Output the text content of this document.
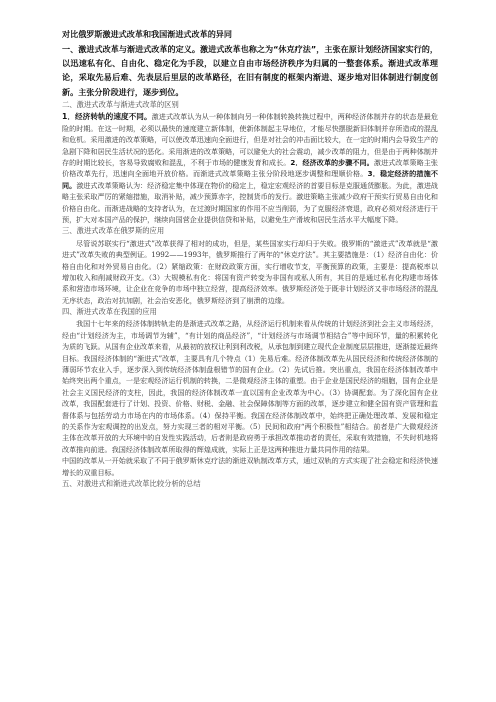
对比俄罗斯激进式改革和我国渐进式改革的异同

一、激进式改革与渐进式改革的定义。激进式改革也称之为“休克疗法”，主张在原计划经济国家实行的，以迅速私有化、自由化、稳定化为手段，以建立自由市场经济秩序为归属的一整套体系。渐进式改革理论，采取先易后难、先表层后里层的改革路径，在旧有制度的框架内渐进、逐步地对旧体制进行制度创新。主张分阶段进行，逐步到位。

二、激进式改革与渐进式改革的区别

1．经济转轨的速度不同。激进式改革认为从一种体制向另一种体制转换转换过程中，两种经济体制并存的状态是最危险的时期。在这一时期，必须以最快的速度建立新体制，使新体制起主导地位，才能尽快摆脱新旧体制并存所造成的混乱和危机。采用激进的改革策略，可以使改革迅速向全面进行，但是对社会的冲击面比较大，在一定的时期内会导致生产的急剧下降和居民生活状况的恶化。采用渐进的改革策略，可以避免大的社会震动，减少改革的阻力，但是由于两种体制并存的时期比较长，容易导致腐败和混乱，不利于市场的健康发育和成长。2．经济改革的步骤不同。激进式改革策略主张价格改革先行，迅速向全面地开放价格。而渐进式改革策略主张分阶段地逐步调整和理顺价格。3．稳定经济的措施不同。激进式改革策略认为：经济稳定集中体现在物价的稳定上，稳定宏观经济的首要目标是克服通货膨胀。为此，激进战略主张采取严厉的紧缩措施，取消补贴，减少预算赤字，控制货币的发行。激进策略主张减少政府干预实行贸易自由化和价格自由化。而渐进战略的支持者认为，在过渡时期国家的作用不应当削弱，为了克服经济衰退，政府必须对经济进行干预，扩大对本国产品的保护，继续向国营企业提供信贷和补贴，以避免生产滑坡和居民生活水平大幅度下降。

三、激进式改革在俄罗斯的应用

尽管说苏联实行“激进式”改革获得了相对的成功，但是，某些国家实行却归于失败。俄罗斯的“激进式”改革就是“激进式”改革失败的典型例证。1992——1993年，俄罗斯推行了两年的“休克疗法”。其主要措施是：（1）经济自由化：价格自由化和对外贸易自由化。（2）紧缩政策：在财政政策方面，实行增收节支，平衡预算的政策，主要是：提高税率以增加收入和削减财政开支。（3）大规模私有化：将国有资产转变为非国有或私人所有，其目的是通过私有化构建市场体系和营造市场环境，让企业在竞争的市场中独立经营，提高经济效率。俄罗斯经济处于既非计划经济又非市场经济的混乱无序状态，政治对抗加剧，社会治安恶化，俄罗斯经济到了崩溃的边缘。

四、渐进式改革在我国的应用

我国十七年来的经济体制转轨走的是渐进式改革之路，从经济运行机制来看从传统的计划经济到社会主义市场经济，经由“计划经济为主，市场调节为辅”，“有计划的商品经济”，“计划经济与市场调节相结合”等中间环节，量的积累转化为质的飞跃。从国有企业改革来看，从最初的放权让利到利改税，从承包制到建立现代企业制度层层推进，逐渐接近最终目标。我国经济体制的“渐进式”改革，主要具有几个特点（1）先易后难。经济体制改革先从国民经济和传统经济体制的薄弱环节农业入手，逐步深入到传统经济体制盘根错节的国有企业。（2）先试后推。突出重点，我国在经济体制改革中始终突出两个重点，一是宏观经济运行机制的转换，二是微观经济主体的重塑。由于企业是国民经济的细胞，国有企业是社会主义国民经济的支柱，因此，我国的经济体制改革一直以国有企业改革为中心。（3）协调配套。为了深化国有企业改革，我国配套进行了计划、投资、价格、财税、金融、社会保障体制等方面的改革，逐步建立和健全国有资产管理和监督体系与包括劳动力市场在内的市场体系。（4）保持平衡。我国在经济体制改革中，始终把正确处理改革、发展和稳定的关系作为宏观调控的出发点，努力实现三者的相对平衡。（5）民间和政府“两个积极性”相结合。前者是广大微观经济主体在改革开放的大环境中的自发性实践活动，后者则是政府勇于承担改革推动者的责任，采取有效措施，不失时机地将改革推向前进。我国经济体制改革所取得的辉煌成就，实际上正是这两种推进力量共同作用的结果。

中国的改革从一开始就采取了不同于俄罗斯休克疗法的渐进双轨制改革方式，通过双轨的方式实现了社会稳定和经济快速增长的双重目标。

五、对激进式和渐进式改革比较分析的总结
